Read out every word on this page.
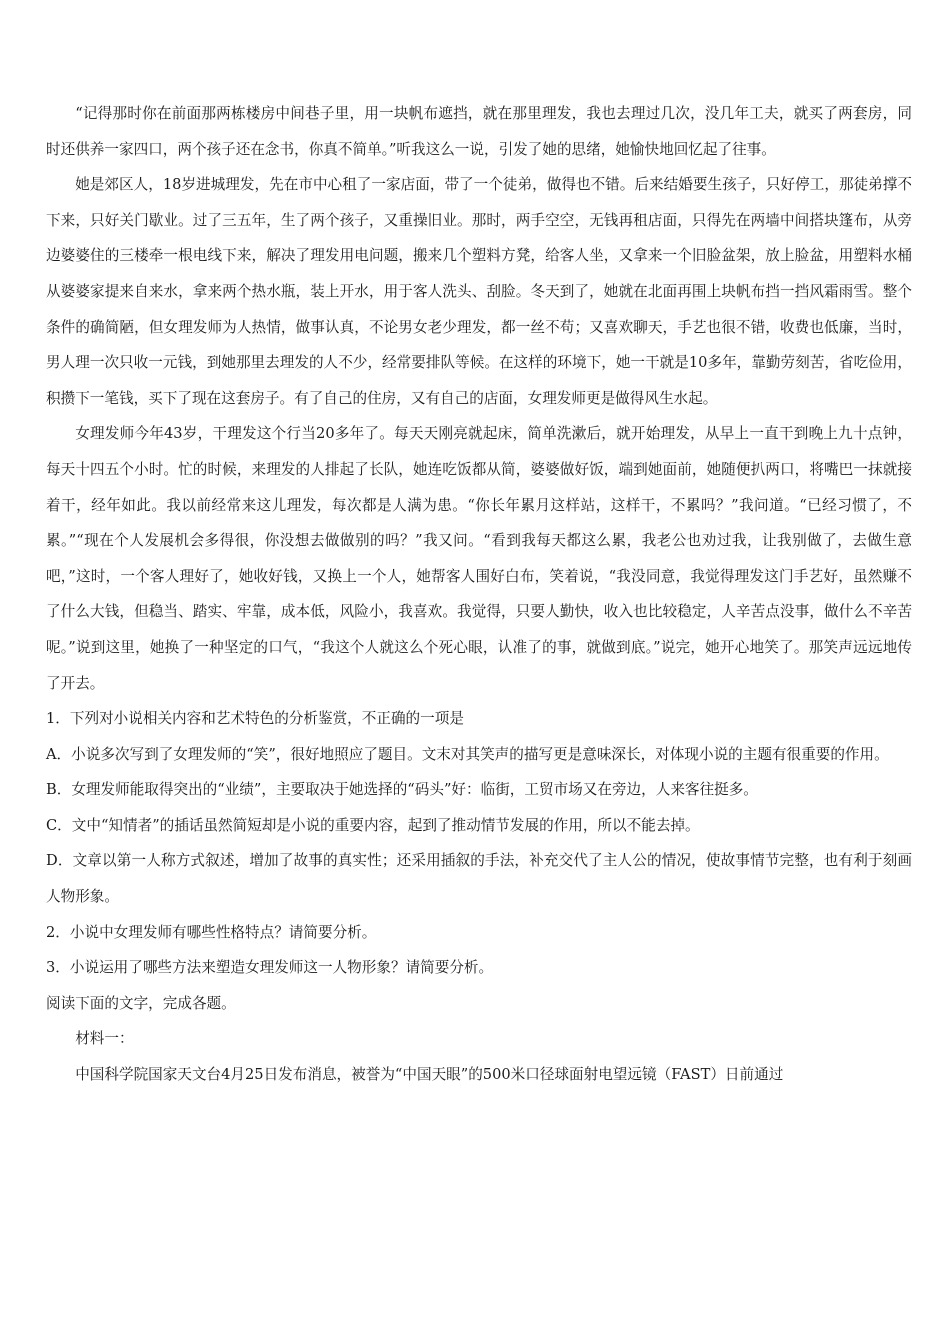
“记得那时你在前面那两栋楼房中间巷子里，用一块帆布遮挡，就在那里理发，我也去理过几次，没几年工夫，就买了两套房，同时还供养一家四口，两个孩子还在念书，你真不简单。”听我这么一说，引发了她的思绪，她愉快地回忆起了往事。

她是郊区人，18岁进城理发，先在市中心租了一家店面，带了一个徒弟，做得也不错。后来结婚要生孩子，只好停工，那徒弟撑不下来，只好关门歇业。过了三五年，生了两个孩子，又重操旧业。那时，两手空空，无钱再租店面，只得先在两墙中间搭块篷布，从旁边婆婆住的三楼牵一根电线下来，解决了理发用电问题，搬来几个塑料方凳，给客人坐，又拿来一个旧脸盆架，放上脸盆，用塑料水桶从婆婆家提来自来水，拿来两个热水瓶，装上开水，用于客人洗头、刮脸。冬天到了，她就在北面再围上块帆布挡一挡风霜雨雪。整个条件的确简陋，但女理发师为人热情，做事认真，不论男女老少理发，都一丝不苟；又喜欢聊天，手艺也很不错，收费也低廉，当时，男人理一次只收一元钱，到她那里去理发的人不少，经常要排队等候。在这样的环境下，她一干就是10多年，靠勤劳刻苦，省吃俭用，积攒下一笔钱，买下了现在这套房子。有了自己的住房，又有自己的店面，女理发师更是做得风生水起。

女理发师今年43岁，干理发这个行当20多年了。每天天刚亮就起床，简单洗漱后，就开始理发，从早上一直干到晚上九十点钟，每天十四五个小时。忙的时候，来理发的人排起了长队，她连吃饭都从简，婆婆做好饭，端到她面前，她随便扒两口，将嘴巴一抹就接着干，经年如此。我以前经常来这儿理发，每次都是人满为患。“你长年累月这样站，这样干，不累吗？”我问道。“已经习惯了，不累。”“现在个人发展机会多得很，你没想去做做别的吗？”我又问。“看到我每天都这么累，我老公也劝过我，让我别做了，去做生意吧，”这时，一个客人理好了，她收好钱，又换上一个人，她帮客人围好白布，笑着说，“我没同意，我觉得理发这门手艺好，虽然赚不了什么大钱，但稳当、踏实、牢靠，成本低，风险小，我喜欢。我觉得，只要人勤快，收入也比较稳定，人辛苦点没事，做什么不辛苦呢。”说到这里，她换了一种坚定的口气，“我这个人就这么个死心眼，认准了的事，就做到底。”说完，她开心地笑了。那笑声远远地传了开去。

1．下列对小说相关内容和艺术特色的分析鉴赏，不正确的一项是

A．小说多次写到了女理发师的“笑”，很好地照应了题目。文末对其笑声的描写更是意味深长，对体现小说的主题有很重要的作用。

B．女理发师能取得突出的“业绩”，主要取决于她选择的“码头”好：临街，工贸市场又在旁边，人来客往挺多。

C．文中“知情者”的插话虽然简短却是小说的重要内容，起到了推动情节发展的作用，所以不能去掉。

D．文章以第一人称方式叙述，增加了故事的真实性；还采用插叙的手法，补充交代了主人公的情况，使故事情节完整，也有利于刻画人物形象。

2．小说中女理发师有哪些性格特点？请简要分析。

3．小说运用了哪些方法来塑造女理发师这一人物形象？请简要分析。

阅读下面的文字，完成各题。

材料一：

中国科学院国家天文台4月25日发布消息，被誉为“中国天眼”的500米口径球面射电望远镜（FAST）日前通过
